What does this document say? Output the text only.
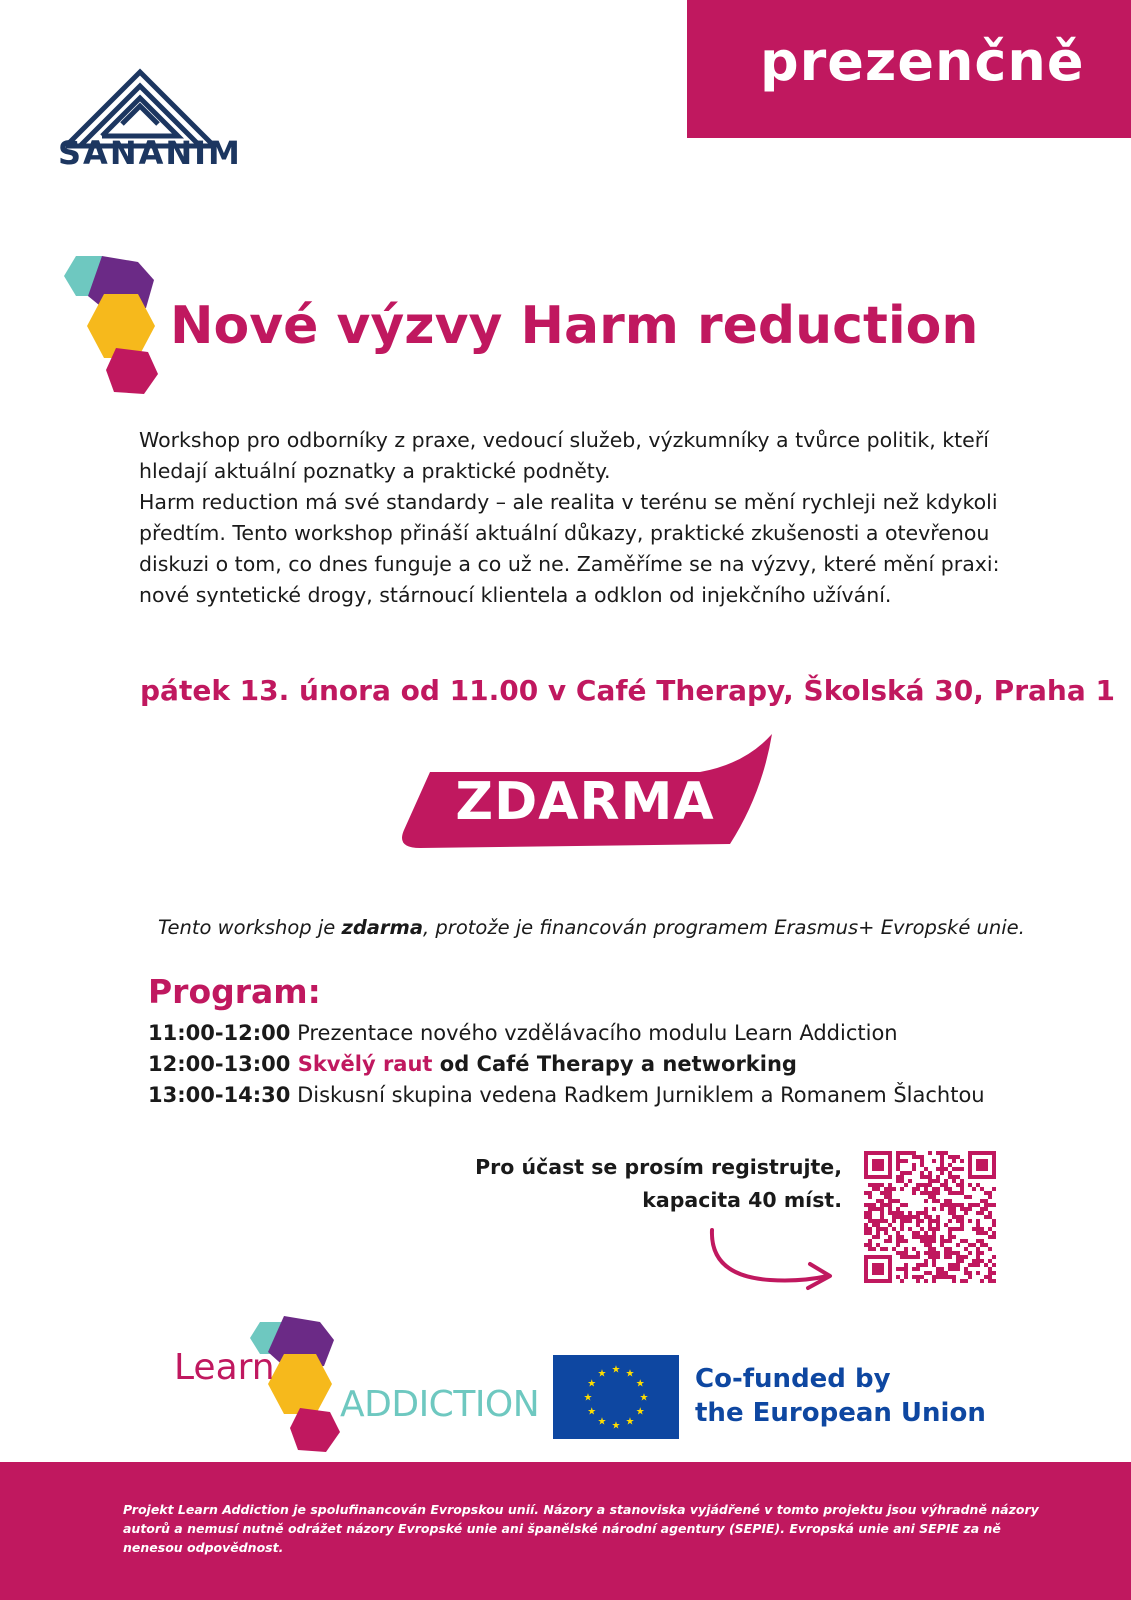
prezenčně
SANANIM
Nové výzvy Harm reduction

Workshop pro odborníky z praxe, vedoucí služeb, výzkumníky a tvůrce politik, kteří hledají aktuální poznatky a praktické podněty.

Harm reduction má své standardy – ale realita v terénu se mění rychleji než kdykoli předtím. Tento workshop přináší aktuální důkazy, praktické zkušenosti a otevřenou diskuzi o tom, co dnes funguje a co už ne. Zaměříme se na výzvy, které mění praxi: nové syntetické drogy, stárnoucí klientela a odklon od injekčního užívání.

pátek 13. února od 11.00 v Café Therapy, Školská 30, Praha 1
ZDARMA
Tento workshop je zdarma, protože je financován programem Erasmus+ Evropské unie.
Program:
11:00-12:00 Prezentace nového vzdělávacího modulu Learn Addiction
12:00-13:00 Skvělý raut od Café Therapy a networking
13:00-14:30 Diskusní skupina vedena Radkem Jurniklem a Romanem Šlachtou
Pro účast se prosím registrujte,
kapacita 40 míst.
Learn
ADDICTION
★ ★
★
★
★
★
★
★
★
★
★
★	Co-funded by
the European Union
Projekt Learn Addiction je spolufinancován Evropskou unií. Názory a stanoviska vyjádřené v tomto projektu jsou výhradně názory autorů a nemusí nutně odrážet názory Evropské unie ani španělské národní agentury (SEPIE). Evropská unie ani SEPIE za ně nenesou odpovědnost.
